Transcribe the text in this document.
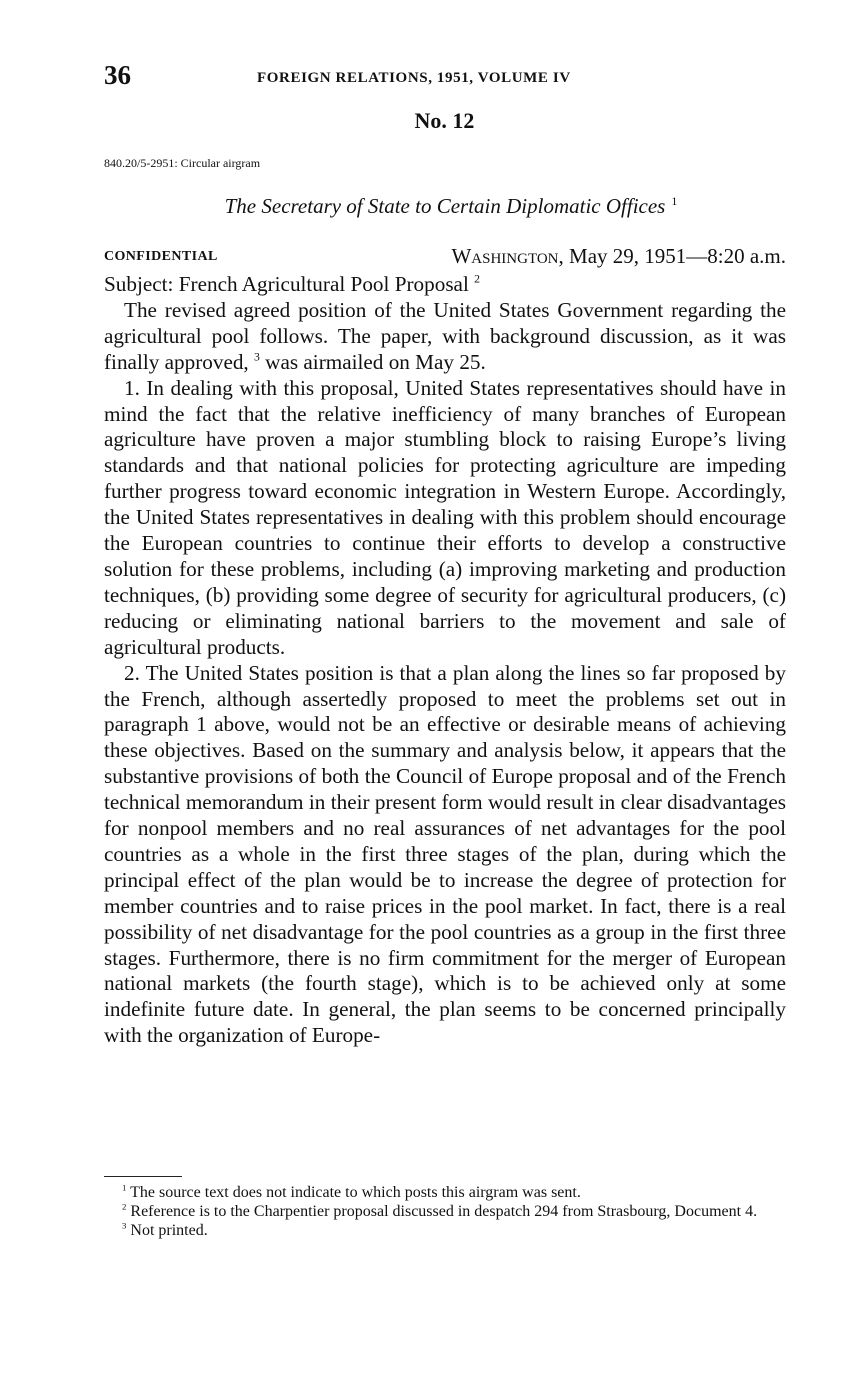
36	FOREIGN RELATIONS, 1951, VOLUME IV
No. 12
840.20/5-2951: Circular airgram
The Secretary of State to Certain Diplomatic Offices $^1$
CONFIDENTIAL	Washington, May 29, 1951—8:20 a.m.

Subject: French Agricultural Pool Proposal $^2$

The revised agreed position of the United States Government regarding the agricultural pool follows. The paper, with background discussion, as it was finally approved, $^3$ was airmailed on May 25.

1. In dealing with this proposal, United States representatives should have in mind the fact that the relative inefficiency of many branches of European agriculture have proven a major stumbling block to raising Europe’s living standards and that national policies for protecting agriculture are impeding further progress toward economic integration in Western Europe. Accordingly, the United States representatives in dealing with this problem should encourage the European countries to continue their efforts to develop a constructive solution for these problems, including (a) improving marketing and production techniques, (b) providing some degree of security for agricultural producers, (c) reducing or eliminating national barriers to the movement and sale of agricultural products.

2. The United States position is that a plan along the lines so far proposed by the French, although assertedly proposed to meet the problems set out in paragraph 1 above, would not be an effective or desirable means of achieving these objectives. Based on the summary and analysis below, it appears that the substantive provisions of both the Council of Europe proposal and of the French technical memorandum in their present form would result in clear disadvantages for nonpool members and no real assurances of net advantages for the pool countries as a whole in the first three stages of the plan, during which the principal effect of the plan would be to increase the degree of protection for member countries and to raise prices in the pool market. In fact, there is a real possibility of net disadvantage for the pool countries as a group in the first three stages. Furthermore, there is no firm commitment for the merger of European national markets (the fourth stage), which is to be achieved only at some indefinite future date. In general, the plan seems to be concerned principally with the organization of Europe-

$^1$ The source text does not indicate to which posts this airgram was sent.

$^2$ Reference is to the Charpentier proposal discussed in despatch 294 from Strasbourg, Document 4.

$^3$ Not printed.
